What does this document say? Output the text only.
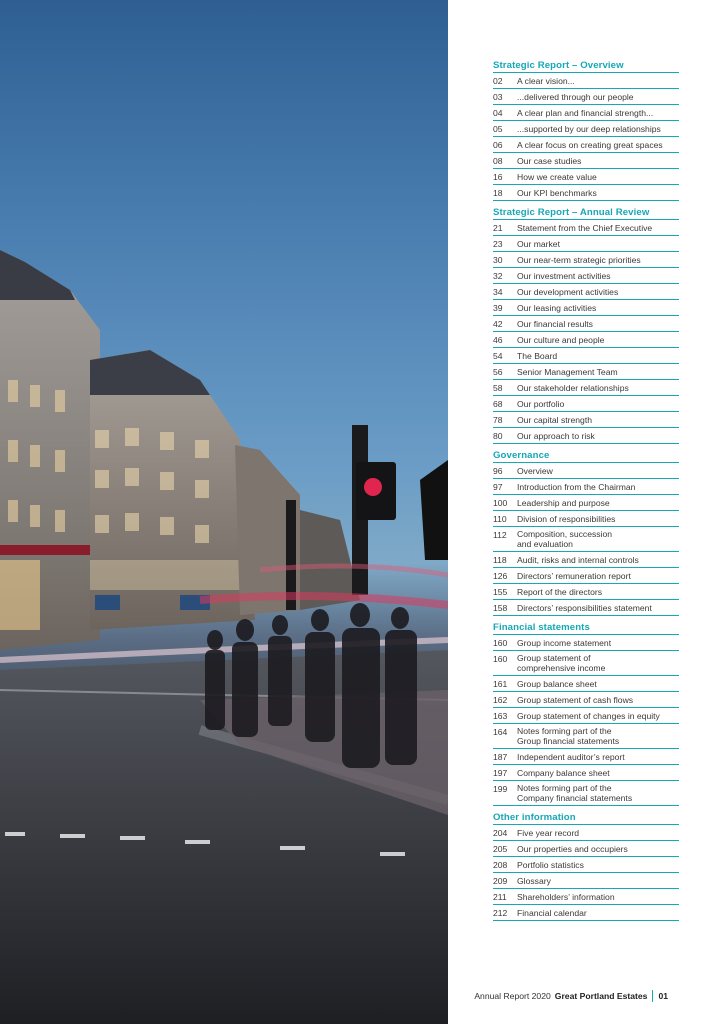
Strategic Report – Overview
02	A clear vision...
03	...delivered through our people
04	A clear plan and financial strength...
05	...supported by our deep relationships
06	A clear focus on creating great spaces
08	Our case studies
16	How we create value
18	Our KPI benchmarks
Strategic Report – Annual Review
21	Statement from the Chief Executive
23	Our market
30	Our near-term strategic priorities
32	Our investment activities
34	Our development activities
39	Our leasing activities
42	Our financial results
46	Our culture and people
54	The Board
56	Senior Management Team
58	Our stakeholder relationships
68	Our portfolio
78	Our capital strength
80	Our approach to risk
Governance
96	Overview
97	Introduction from the Chairman
100	Leadership and purpose
110	Division of responsibilities
112	Composition, succession
and evaluation
118	Audit, risks and internal controls
126	Directors’ remuneration report
155	Report of the directors
158	Directors’ responsibilities statement
Financial statements
160	Group income statement
160	Group statement of
comprehensive income
161	Group balance sheet
162	Group statement of cash flows
163	Group statement of changes in equity
164	Notes forming part of the
Group financial statements
187	Independent auditor’s report
197	Company balance sheet
199	Notes forming part of the
Company financial statements
Other information
204	Five year record
205	Our properties and occupiers
208	Portfolio statistics
209	Glossary
211	Shareholders’ information
212	Financial calendar
Annual Report 2020 Great Portland Estates 01
